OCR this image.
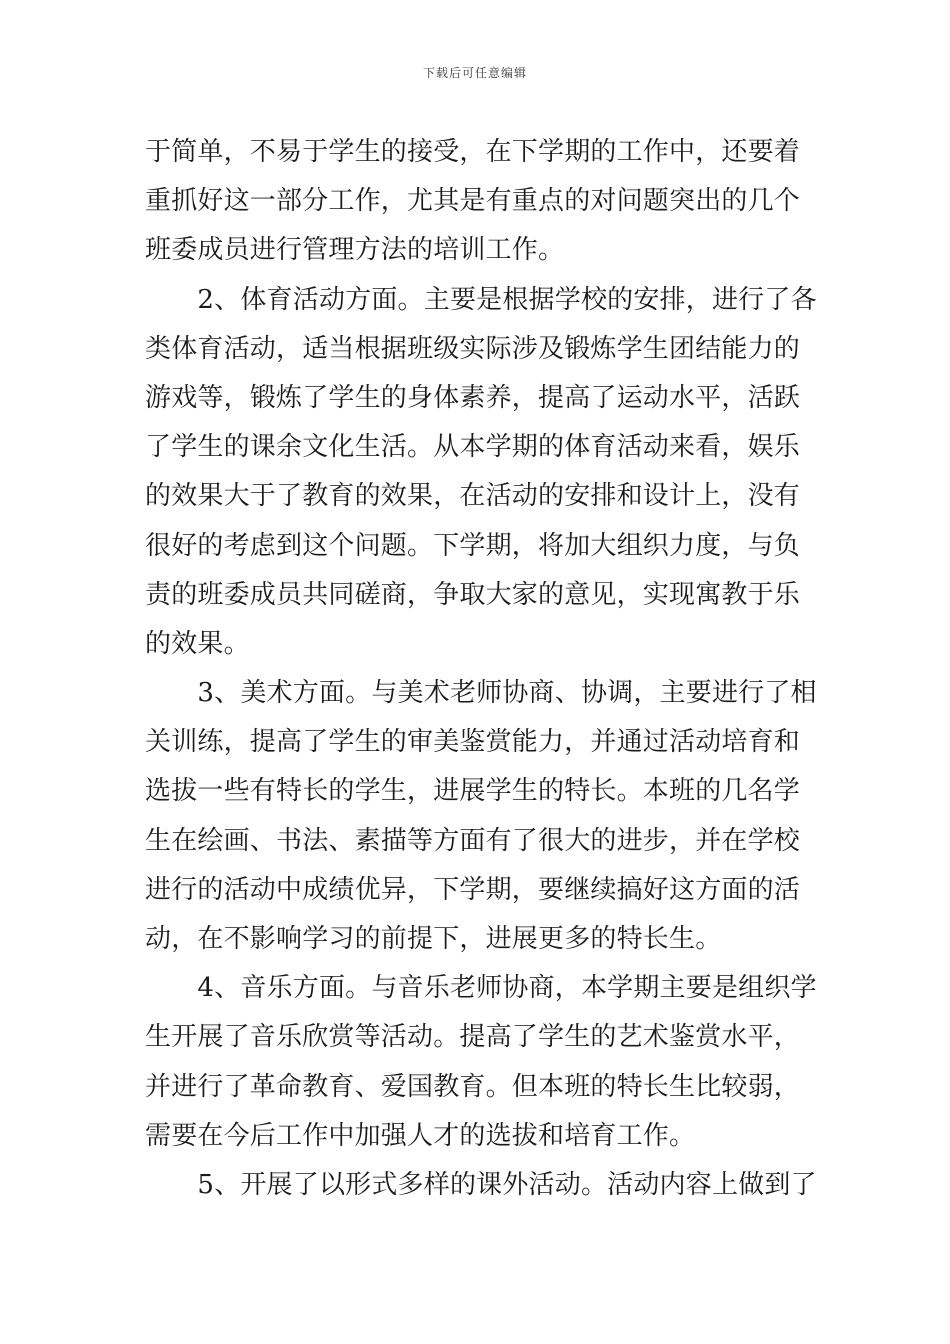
下载后可任意编辑
于简单，不易于学生的接受，在下学期的工作中，还要着
重抓好这一部分工作，尤其是有重点的对问题突出的几个
班委成员进行管理方法的培训工作。
　　2、体育活动方面。主要是根据学校的安排，进行了各
类体育活动，适当根据班级实际涉及锻炼学生团结能力的
游戏等，锻炼了学生的身体素养，提高了运动水平，活跃
了学生的课余文化生活。从本学期的体育活动来看，娱乐
的效果大于了教育的效果，在活动的安排和设计上，没有
很好的考虑到这个问题。下学期，将加大组织力度，与负
责的班委成员共同磋商，争取大家的意见，实现寓教于乐
的效果。
　　3、美术方面。与美术老师协商、协调，主要进行了相
关训练，提高了学生的审美鉴赏能力，并通过活动培育和
选拔一些有特长的学生，进展学生的特长。本班的几名学
生在绘画、书法、素描等方面有了很大的进步，并在学校
进行的活动中成绩优异，下学期，要继续搞好这方面的活
动，在不影响学习的前提下，进展更多的特长生。
　　4、音乐方面。与音乐老师协商，本学期主要是组织学
生开展了音乐欣赏等活动。提高了学生的艺术鉴赏水平，
并进行了革命教育、爱国教育。但本班的特长生比较弱，
需要在今后工作中加强人才的选拔和培育工作。
　　5、开展了以形式多样的课外活动。活动内容上做到了
